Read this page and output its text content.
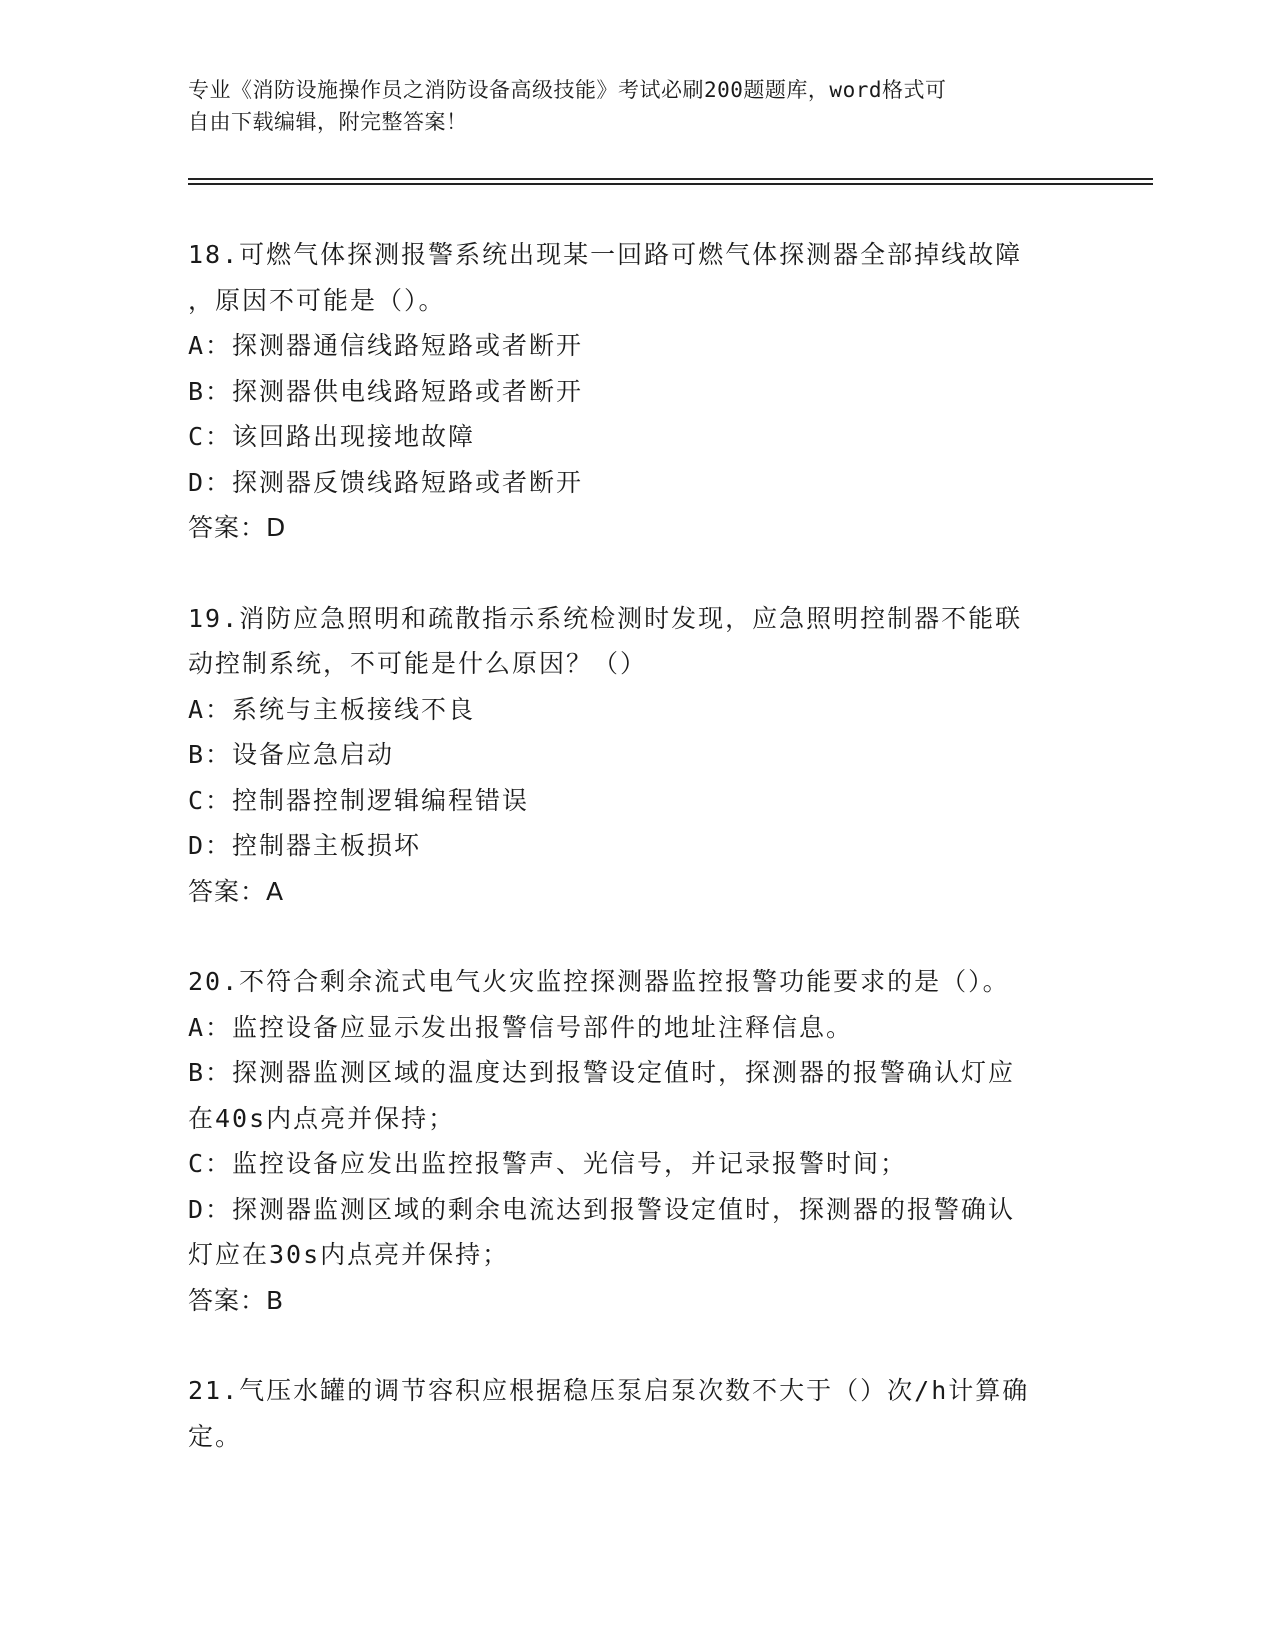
专业《消防设施操作员之消防设备高级技能》考试必刷200题题库，word格式可
自由下载编辑，附完整答案！
18.可燃气体探测报警系统出现某一回路可燃气体探测器全部掉线故障
，原因不可能是（）。
A：探测器通信线路短路或者断开
B：探测器供电线路短路或者断开
C：该回路出现接地故障
D：探测器反馈线路短路或者断开
答案：D
19.消防应急照明和疏散指示系统检测时发现，应急照明控制器不能联
动控制系统，不可能是什么原因？（）
A：系统与主板接线不良
B：设备应急启动
C：控制器控制逻辑编程错误
D：控制器主板损坏
答案：A
20.不符合剩余流式电气火灾监控探测器监控报警功能要求的是（）。
A：监控设备应显示发出报警信号部件的地址注释信息。
B：探测器监测区域的温度达到报警设定值时，探测器的报警确认灯应
在40s内点亮并保持；
C：监控设备应发出监控报警声、光信号，并记录报警时间；
D：探测器监测区域的剩余电流达到报警设定值时，探测器的报警确认
灯应在30s内点亮并保持；
答案：B
21.气压水罐的调节容积应根据稳压泵启泵次数不大于（）次/h计算确
定。
